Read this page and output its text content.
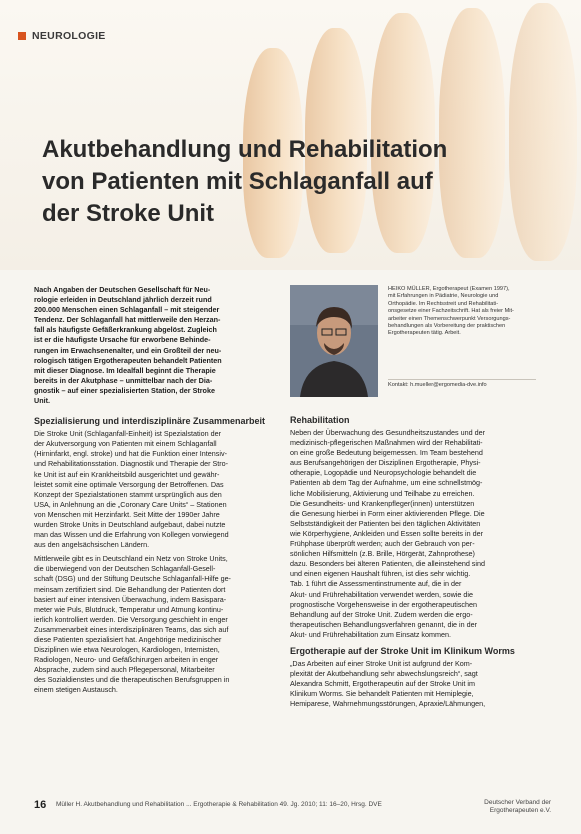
NEUROLOGIE
Akutbehandlung und Rehabilitation
von Patienten mit Schlaganfall auf
der Stroke Unit
Nach Angaben der Deutschen Gesellschaft für Neu-
rologie erleiden in Deutschland jährlich derzeit rund
200.000 Menschen einen Schlaganfall – mit steigender
Tendenz. Der Schlaganfall hat mittlerweile den Herzan-
fall als häufigste Gefäßerkrankung abgelöst. Zugleich
ist er die häufigste Ursache für erworbene Behinde-
rungen im Erwachsenenalter, und ein Großteil der neu-
rologisch tätigen Ergotherapeuten behandelt Patienten
mit dieser Diagnose. Im Idealfall beginnt die Therapie
bereits in der Akutphase – unmittelbar nach der Dia-
gnostik – auf einer spezialisierten Station, der Stroke
Unit.
Spezialisierung und interdisziplinäre Zusammenarbeit
Die Stroke Unit (Schlaganfall-Einheit) ist Spezialstation der
der Akutversorgung von Patienten mit einem Schlaganfall
(Hirninfarkt, engl. stroke) und hat die Funktion einer Intensiv-
und Rehabilitationsstation. Diagnostik und Therapie der Stro-
ke Unit ist auf ein Krankheitsbild ausgerichtet und gewähr-
leistet somit eine optimale Versorgung der Betroffenen. Das
Konzept der Spezialstationen stammt ursprünglich aus den
USA, in Anlehnung an die „Coronary Care Units“ – Stationen
von Menschen mit Herzinfarkt. Seit Mitte der 1990er Jahre
wurden Stroke Units in Deutschland aufgebaut, dabei nutzte
man das Wissen und die Erfahrung von Kollegen vorwiegend
aus den angelsächsischen Ländern.
Mittlerweile gibt es in Deutschland ein Netz von Stroke Units,
die überwiegend von der Deutschen Schlaganfall-Gesell-
schaft (DSG) und der Stiftung Deutsche Schlaganfall-Hilfe ge-
meinsam zertifiziert sind. Die Behandlung der Patienten dort
basiert auf einer intensiven Überwachung, indem Basispara-
meter wie Puls, Blutdruck, Temperatur und Atmung kontinu-
ierlich kontrolliert werden. Die Versorgung geschieht in enger
Zusammenarbeit eines interdisziplinären Teams, das sich auf
diese Patienten spezialisiert hat. Angehörige medizinischer
Disziplinen wie etwa Neurologen, Kardiologen, Internisten,
Radiologen, Neuro- und Gefäßchirurgen arbeiten in enger
Absprache, zudem sind auch Pflegepersonal, Mitarbeiter
des Sozialdienstes und die therapeutischen Berufsgruppen in
einem stetigen Austausch.
HEIKO MÜLLER, Ergotherapeut (Examen 1997),
mit Erfahrungen in Pädiatrie, Neurologie und
Orthopädie. Im Rechtsstreit und Rehabilitati-
onsgesetze einer Fachzeitschrift. Hat als freier Mit-
arbeiter einen Themenschwerpunkt Versorgungs-
behandlungen als Vorbereitung der praktischen
Ergotherapeuten tätig. Arbeit.
Kontakt: h.mueller@ergomedia-dve.info
Rehabilitation
Neben der Überwachung des Gesundheitszustandes und der
medizinisch-pflegerischen Maßnahmen wird der Rehabilitati-
on eine große Bedeutung beigemessen. Im Team bestehend
aus Berufsangehörigen der Disziplinen Ergotherapie, Physi-
otherapie, Logopädie und Neuropsychologie behandelt die
Patienten ab dem Tag der Aufnahme, um eine schnellstmög-
liche Mobilisierung, Aktivierung und Teilhabe zu erreichen.
Die Gesundheits- und Krankenpfleger(innen) unterstützen
die Genesung hierbei in Form einer aktivierenden Pflege. Die
Selbstständigkeit der Patienten bei den täglichen Aktivitäten
wie Körperhygiene, Ankleiden und Essen sollte bereits in der
Frühphase überprüft werden; auch der Gebrauch von per-
sönlichen Hilfsmitteln (z.B. Brille, Hörgerät, Zahnprothese)
dazu. Besonders bei älteren Patienten, die alleinstehend sind
und einen eigenen Haushalt führen, ist dies sehr wichtig.
Tab. 1 führt die Assessmentinstrumente auf, die in der
Akut- und Frührehabilitation verwendet werden, sowie die
prognostische Vorgehensweise in der ergotherapeutischen
Behandlung auf der Stroke Unit. Zudem werden die ergo-
therapeutischen Behandlungsverfahren genannt, die in der
Akut- und Frührehabilitation zum Einsatz kommen.
Ergotherapie auf der Stroke Unit im Klinikum Worms
„Das Arbeiten auf einer Stroke Unit ist aufgrund der Kom-
plexität der Akutbehandlung sehr abwechslungsreich“, sagt
Alexandra Schmitt, Ergotherapeutin auf der Stroke Unit im
Klinikum Worms. Sie behandelt Patienten mit Hemiplegie,
Hemiparese, Wahrnehmungsstörungen, Apraxie/Lähmungen,
16 Müller H. Akutbehandlung und Rehabilitation ... Ergotherapie & Rehabilitation 49. Jg. 2010; 11: 16–20, Hrsg. DVE	Deutscher Verband der
Ergotherapeuten e.V.
